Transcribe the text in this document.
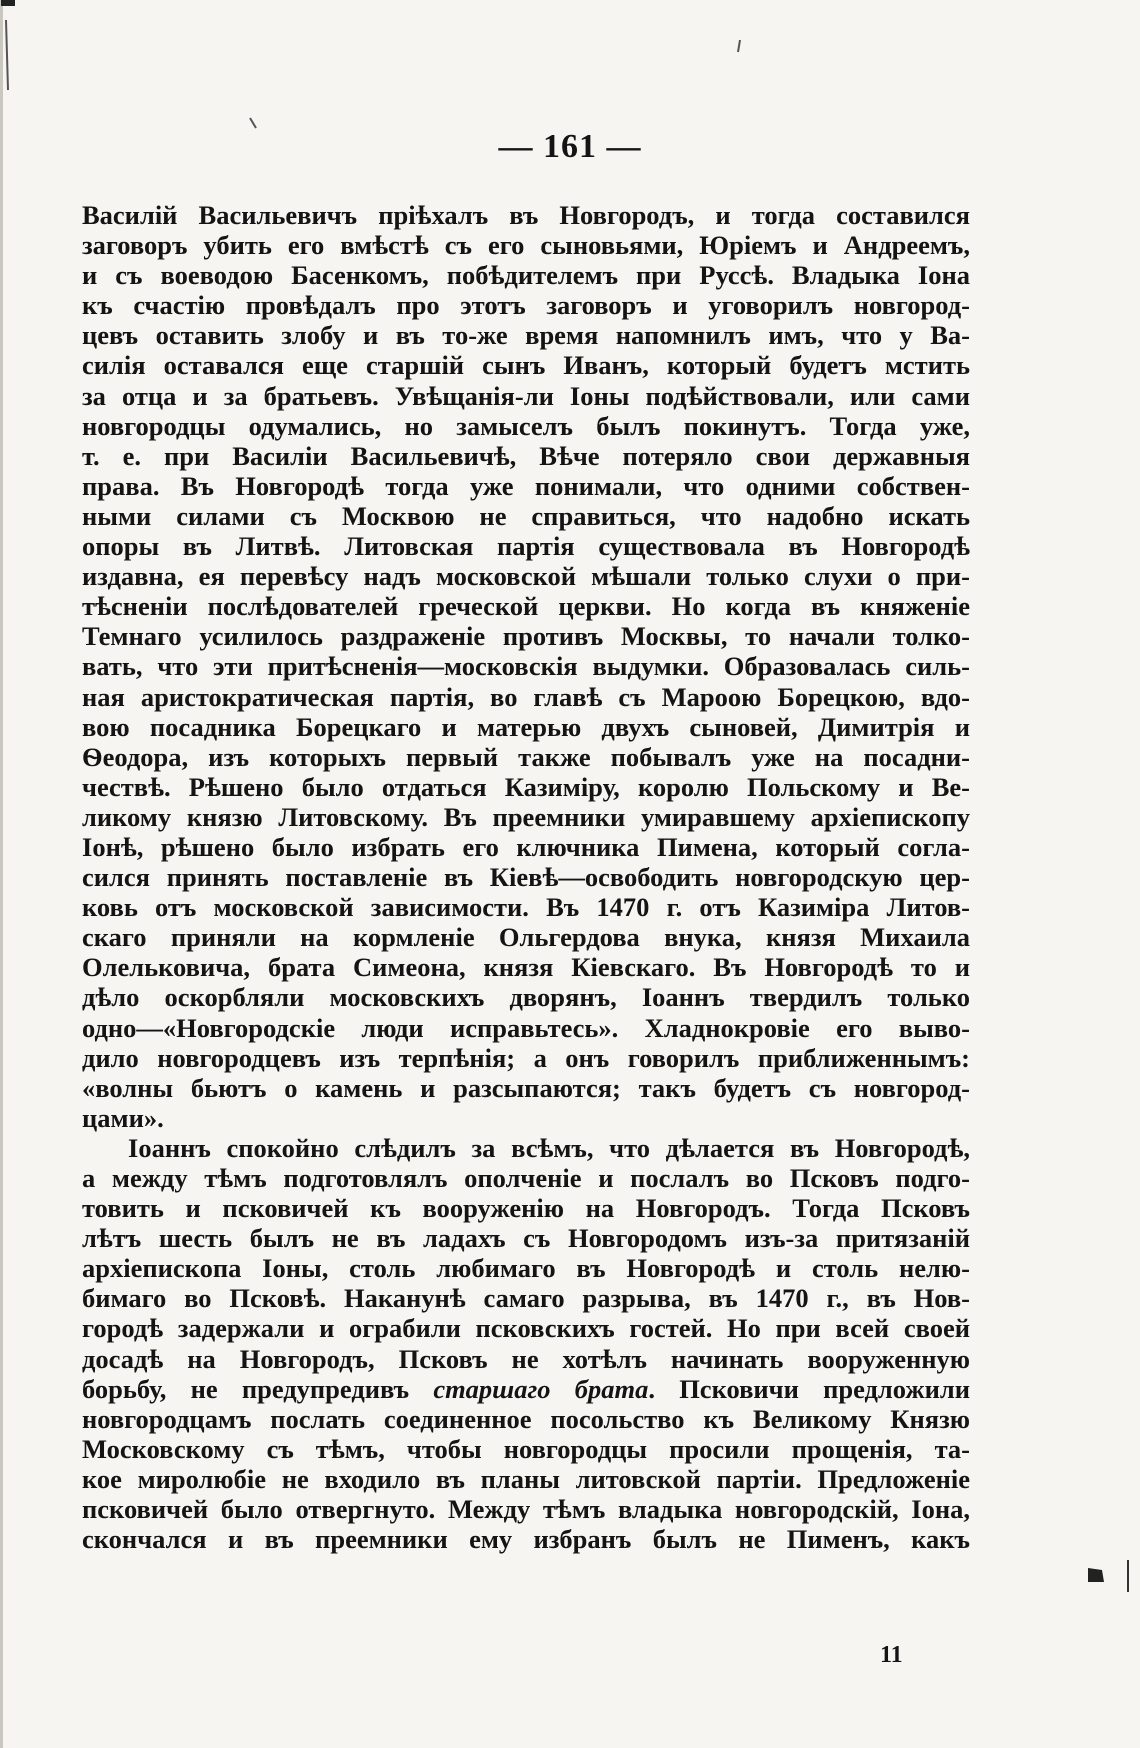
— 161 —
Василій Васильевичъ пріѣхалъ въ Новгородъ, и тогда составился
заговоръ убить его вмѣстѣ съ его сыновьями, Юріемъ и Андреемъ,
и съ воеводою Басенкомъ, побѣдителемъ при Руссѣ. Владыка Іона
къ счастію провѣдалъ про этотъ заговоръ и уговорилъ новгород-
цевъ оставить злобу и въ то-же время напомнилъ имъ, что у Ва-
силія оставался еще старшій сынъ Иванъ, который будетъ мстить
за отца и за братьевъ. Увѣщанія-ли Іоны подѣйствовали, или сами
новгородцы одумались, но замыселъ былъ покинутъ. Тогда уже,
т. е. при Василіи Васильевичѣ, Вѣче потеряло свои державныя
права. Въ Новгородѣ тогда уже понимали, что одними собствен-
ными силами съ Москвою не справиться, что надобно искать
опоры въ Литвѣ. Литовская партія существовала въ Новгородѣ
издавна, ея перевѣсу надъ московской мѣшали только слухи о при-
тѣсненіи послѣдователей греческой церкви. Но когда въ княженіе
Темнаго усилилось раздраженіе противъ Москвы, то начали толко-
вать, что эти притѣсненія—московскія выдумки. Образовалась силь-
ная аристократическая партія, во главѣ съ Мароою Борецкою, вдо-
вою посадника Борецкаго и матерью двухъ сыновей, Димитрія и
Ѳеодора, изъ которыхъ первый также побывалъ уже на посадни-
чествѣ. Рѣшено было отдаться Казиміру, королю Польскому и Ве-
ликому князю Литовскому. Въ преемники умиравшему архіепископу
Іонѣ, рѣшено было избрать его ключника Пимена, который согла-
сился принять поставленіе въ Кіевѣ—освободить новгородскую цер-
ковь отъ московской зависимости. Въ 1470 г. отъ Казиміра Литов-
скаго приняли на кормленіе Ольгердова внука, князя Михаила
Олельковича, брата Симеона, князя Кіевскаго. Въ Новгородѣ то и
дѣло оскорбляли московскихъ дворянъ, Іоаннъ твердилъ только
одно—«Новгородскіе люди исправьтесь». Хладнокровіе его выво-
дило новгородцевъ изъ терпѣнія; а онъ говорилъ приближеннымъ:
«волны бьютъ о камень и разсыпаются; такъ будетъ съ новгород-
цами».
Іоаннъ спокойно слѣдилъ за всѣмъ, что дѣлается въ Новгородѣ,
а между тѣмъ подготовлялъ ополченіе и послалъ во Псковъ подго-
товить и псковичей къ вооруженію на Новгородъ. Тогда Псковъ
лѣтъ шесть былъ не въ ладахъ съ Новгородомъ изъ-за притязаній
архіепископа Іоны, столь любимаго въ Новгородѣ и столь нелю-
бимаго во Псковѣ. Наканунѣ самаго разрыва, въ 1470 г., въ Нов-
городѣ задержали и ограбили псковскихъ гостей. Но при всей своей
досадѣ на Новгородъ, Псковъ не хотѣлъ начинать вооруженную
борьбу, не предупредивъ старшаго брата. Псковичи предложили
новгородцамъ послать соединенное посольство къ Великому Князю
Московскому съ тѣмъ, чтобы новгородцы просили прощенія, та-
кое миролюбіе не входило въ планы литовской партіи. Предложеніе
псковичей было отвергнуто. Между тѣмъ владыка новгородскій, Іона,
скончался и въ преемники ему избранъ былъ не Пименъ, какъ
11
